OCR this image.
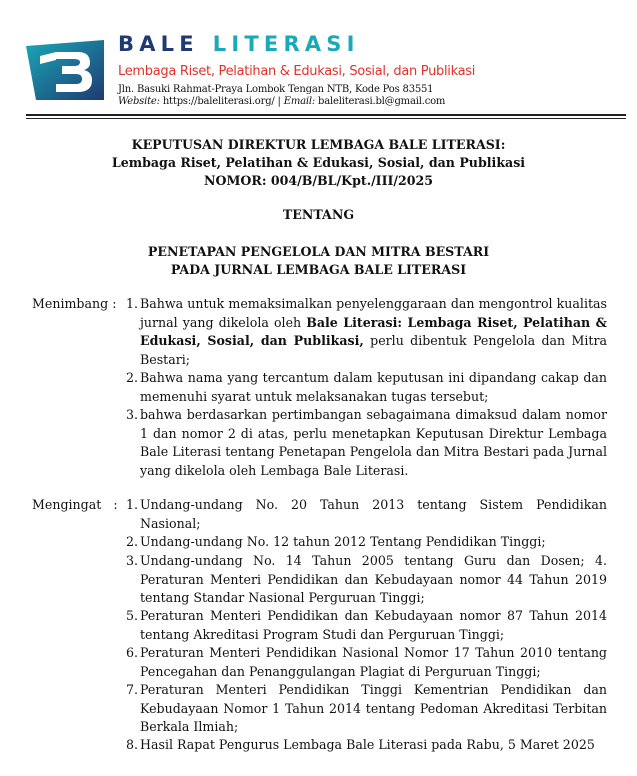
BALE LITERASI
Lembaga Riset, Pelatihan & Edukasi, Sosial, dan Publikasi
Jln. Basuki Rahmat-Praya Lombok Tengan NTB, Kode Pos 83551
Website: https://baleliterasi.org/ | Email: baleliterasi.bl@gmail.com
KEPUTUSAN DIREKTUR LEMBAGA BALE LITERASI:
Lembaga Riset, Pelatihan & Edukasi, Sosial, dan Publikasi
NOMOR: 004/B/BL/Kpt./III/2025
TENTANG
PENETAPAN PENGELOLA DAN MITRA BESTARI
PADA JURNAL LEMBAGA BALE LITERASI
Menimbang : 1. Bahwa untuk memaksimalkan penyelenggaraan dan mengontrol kualitas jurnal yang dikelola oleh Bale Literasi: Lembaga Riset, Pelatihan & Edukasi, Sosial, dan Publikasi, perlu dibentuk Pengelola dan Mitra Bestari;
2. Bahwa nama yang tercantum dalam keputusan ini dipandang cakap dan memenuhi syarat untuk melaksanakan tugas tersebut;
3. bahwa berdasarkan pertimbangan sebagaimana dimaksud dalam nomor 1 dan nomor 2 di atas, perlu menetapkan Keputusan Direktur Lembaga Bale Literasi tentang Penetapan Pengelola dan Mitra Bestari pada Jurnal yang dikelola oleh Lembaga Bale Literasi.
Mengingat : 1. Undang-undang No. 20 Tahun 2013 tentang Sistem Pendidikan Nasional;
2. Undang-undang No. 12 tahun 2012 Tentang Pendidikan Tinggi;
3. Undang-undang No. 14 Tahun 2005 tentang Guru dan Dosen; 4. Peraturan Menteri Pendidikan dan Kebudayaan nomor 44 Tahun 2019 tentang Standar Nasional Perguruan Tinggi;
5. Peraturan Menteri Pendidikan dan Kebudayaan nomor 87 Tahun 2014 tentang Akreditasi Program Studi dan Perguruan Tinggi;
6. Peraturan Menteri Pendidikan Nasional Nomor 17 Tahun 2010 tentang Pencegahan dan Penanggulangan Plagiat di Perguruan Tinggi;
7. Peraturan Menteri Pendidikan Tinggi Kementrian Pendidikan dan Kebudayaan Nomor 1 Tahun 2014 tentang Pedoman Akreditasi Terbitan Berkala Ilmiah;
8. Hasil Rapat Pengurus Lembaga Bale Literasi pada Rabu, 5 Maret 2025
